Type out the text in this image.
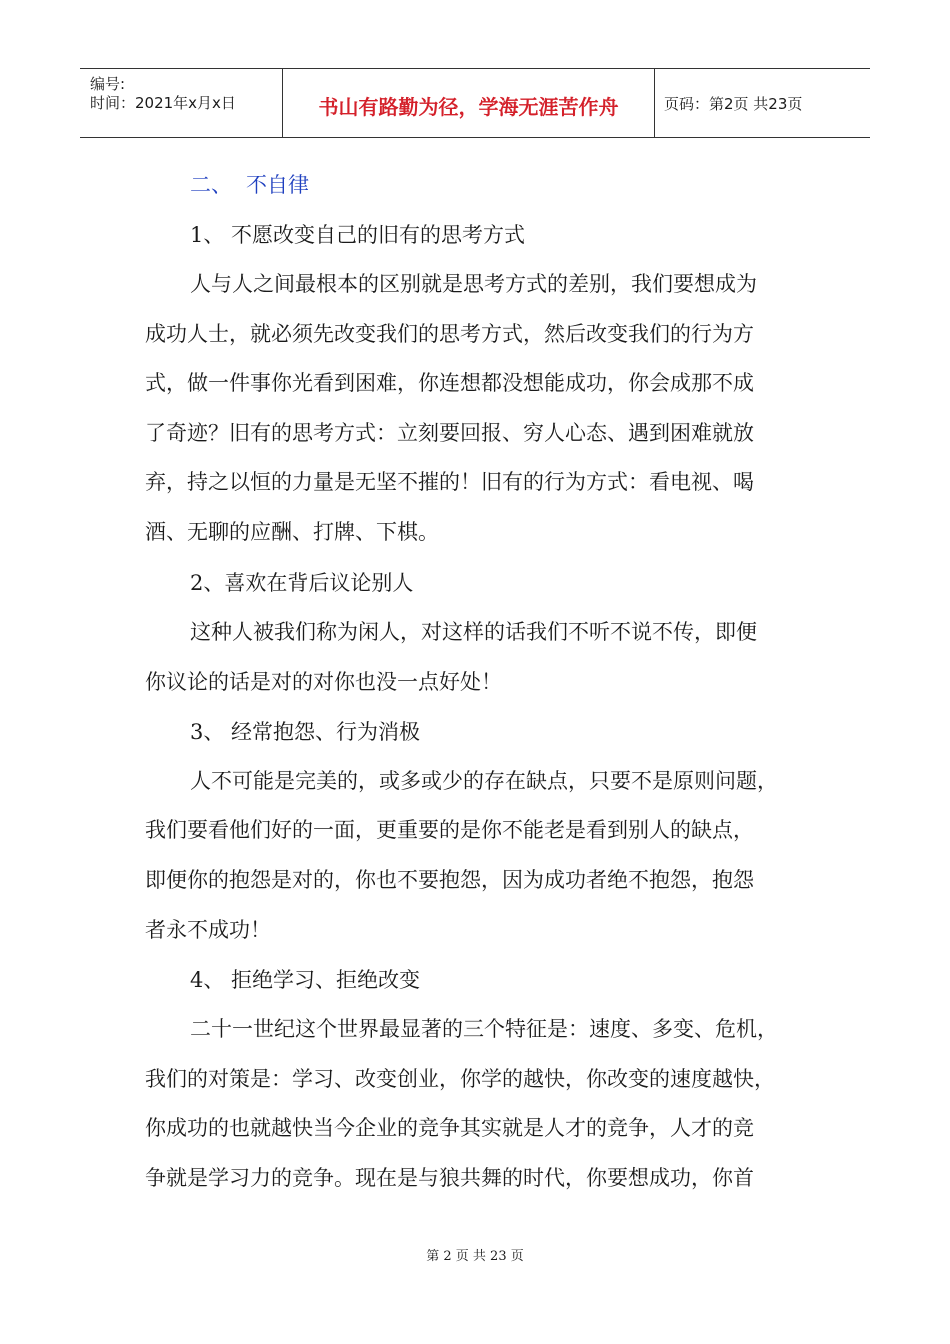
编号:
时间：2021年x月x日	书山有路勤为径，学海无涯苦作舟	页码：第2页 共23页
二、 不自律
1、 不愿改变自己的旧有的思考方式
人与人之间最根本的区别就是思考方式的差别，我们要想成为
成功人士，就必须先改变我们的思考方式，然后改变我们的行为方
式，做一件事你光看到困难，你连想都没想能成功，你会成那不成
了奇迹？旧有的思考方式：立刻要回报、穷人心态、遇到困难就放
弃，持之以恒的力量是无坚不摧的！旧有的行为方式：看电视、喝
酒、无聊的应酬、打牌、下棋。
2、喜欢在背后议论别人
这种人被我们称为闲人，对这样的话我们不听不说不传，即便
你议论的话是对的对你也没一点好处！
3、 经常抱怨、行为消极
人不可能是完美的，或多或少的存在缺点，只要不是原则问题，
我们要看他们好的一面，更重要的是你不能老是看到别人的缺点，
即便你的抱怨是对的，你也不要抱怨，因为成功者绝不抱怨，抱怨
者永不成功！
4、 拒绝学习、拒绝改变
二十一世纪这个世界最显著的三个特征是：速度、多变、危机，
我们的对策是：学习、改变创业，你学的越快，你改变的速度越快，
你成功的也就越快当今企业的竞争其实就是人才的竞争，人才的竞
争就是学习力的竞争。现在是与狼共舞的时代，你要想成功，你首
第 2 页 共 23 页
